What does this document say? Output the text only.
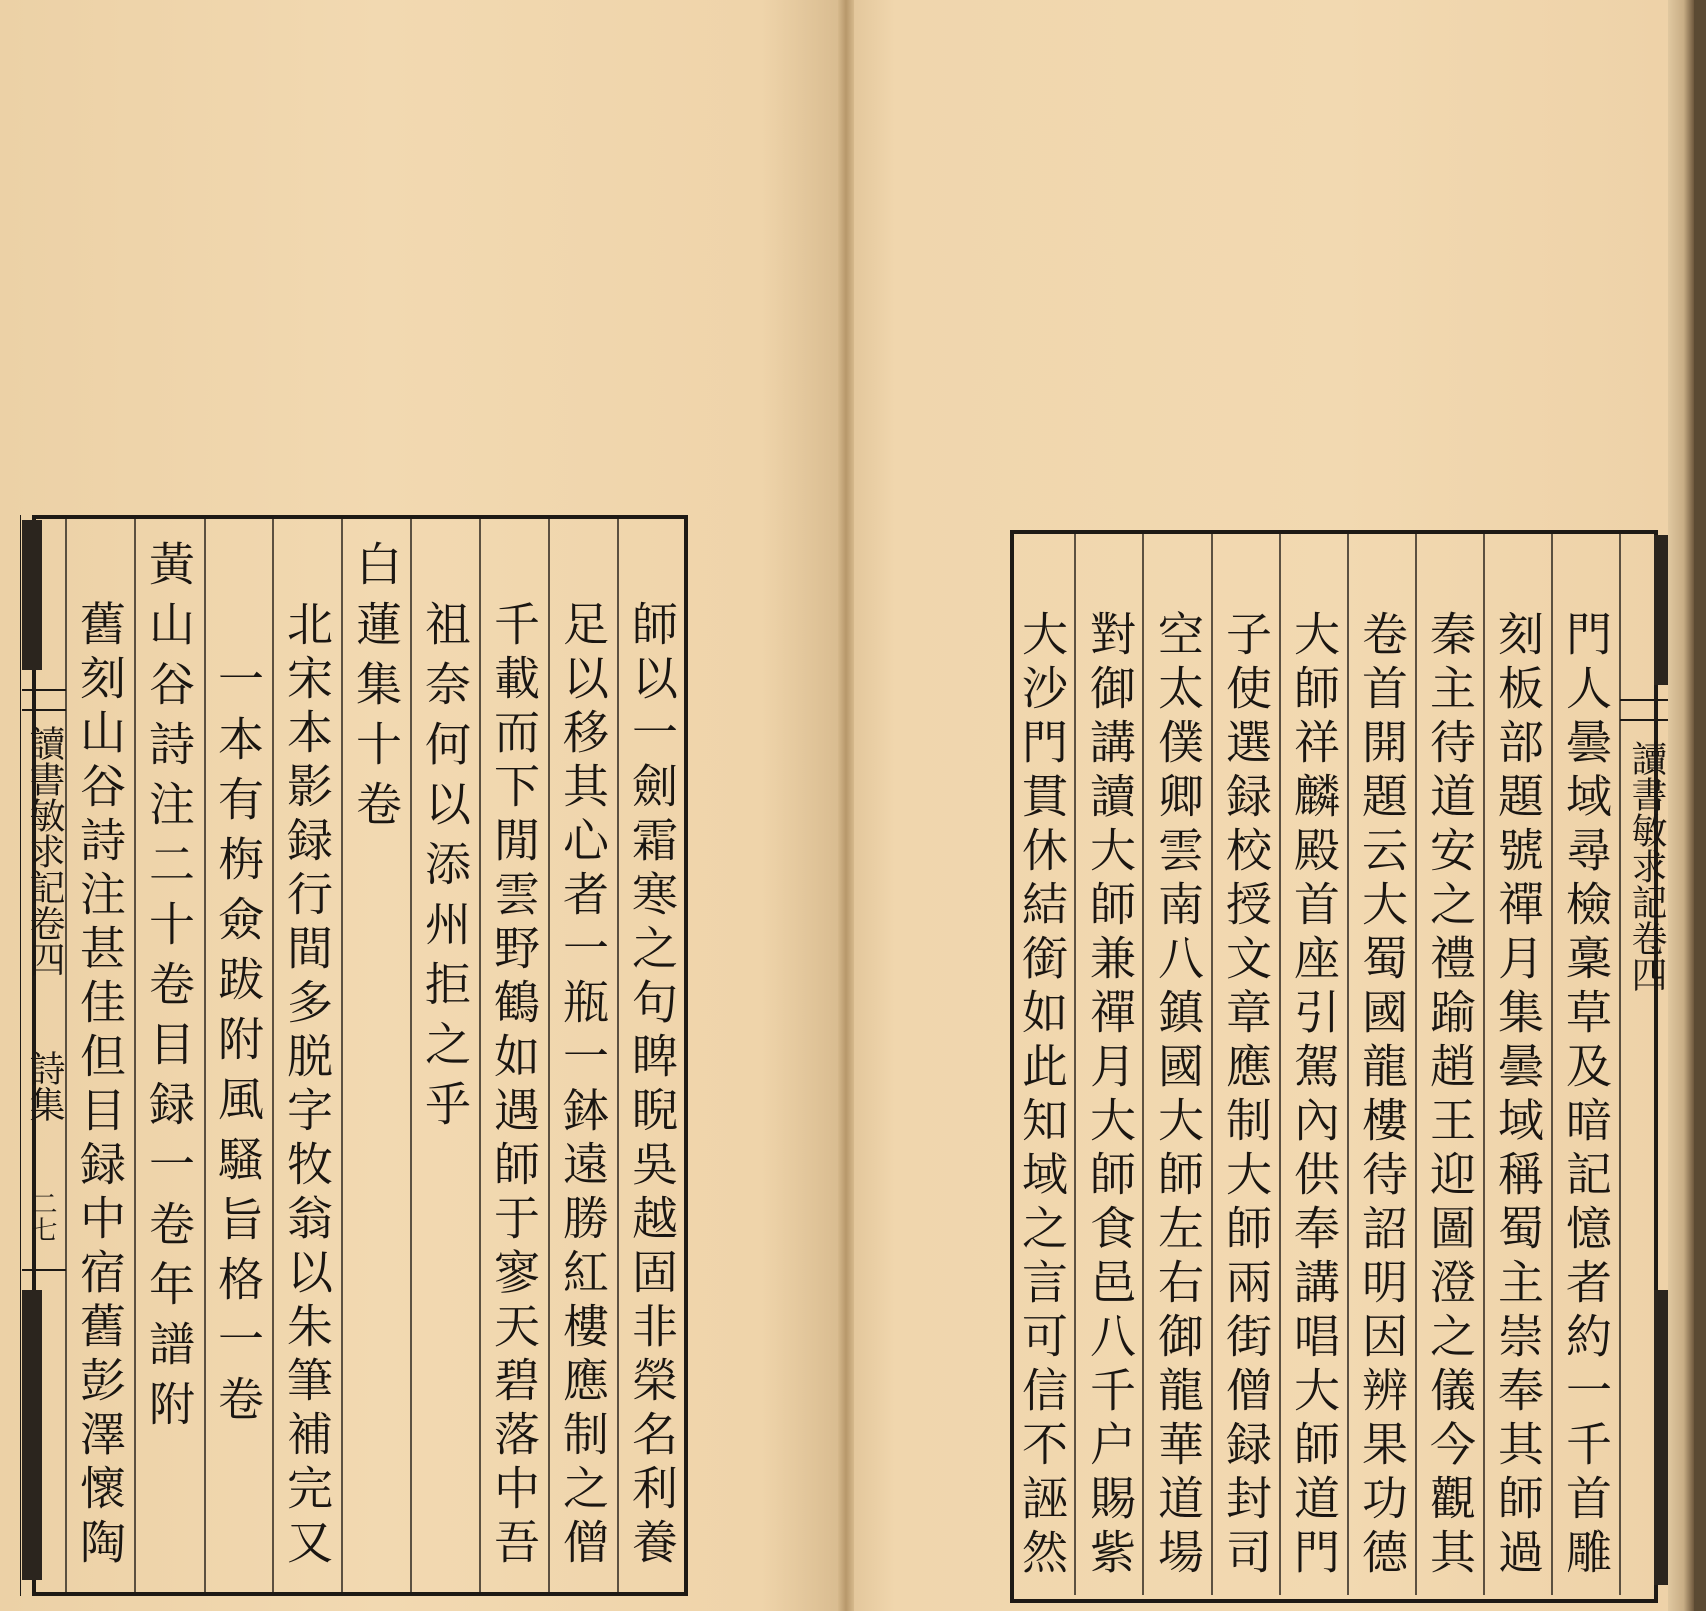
師以一劍霜寒之句睥睨吳越固非榮名利養
足以移其心者一瓶一鉢遠勝紅樓應制之僧
千載而下閒雲野鶴如遇師于寥天碧落中吾
祖奈何以添州拒之乎
白蓮集十卷
北宋本影録行間多脱字牧翁以朱筆補完又
一本有栴僉跋附風騷旨格一卷
黃山谷詩注二十卷目録一卷年譜附
舊刻山谷詩注甚佳但目録中宿舊彭澤懷陶
讀書敏求記卷四
詩集
二七	門人曇域尋檢稾草及暗記憶者約一千首雕
刻板部題號禪月集曇域稱蜀主崇奉其師過
秦主待道安之禮踰趙王迎圖澄之儀今觀其
卷首開題云大蜀國龍樓待詔明因辨果功德
大師祥麟殿首座引駕內供奉講唱大師道門
子使選録校授文章應制大師兩街僧録封司
空太僕卿雲南八鎮國大師左右御龍華道場
對御講讀大師兼禪月大師食邑八千户賜紫
大沙門貫休結銜如此知域之言可信不誣然	讀書敏求記卷四
